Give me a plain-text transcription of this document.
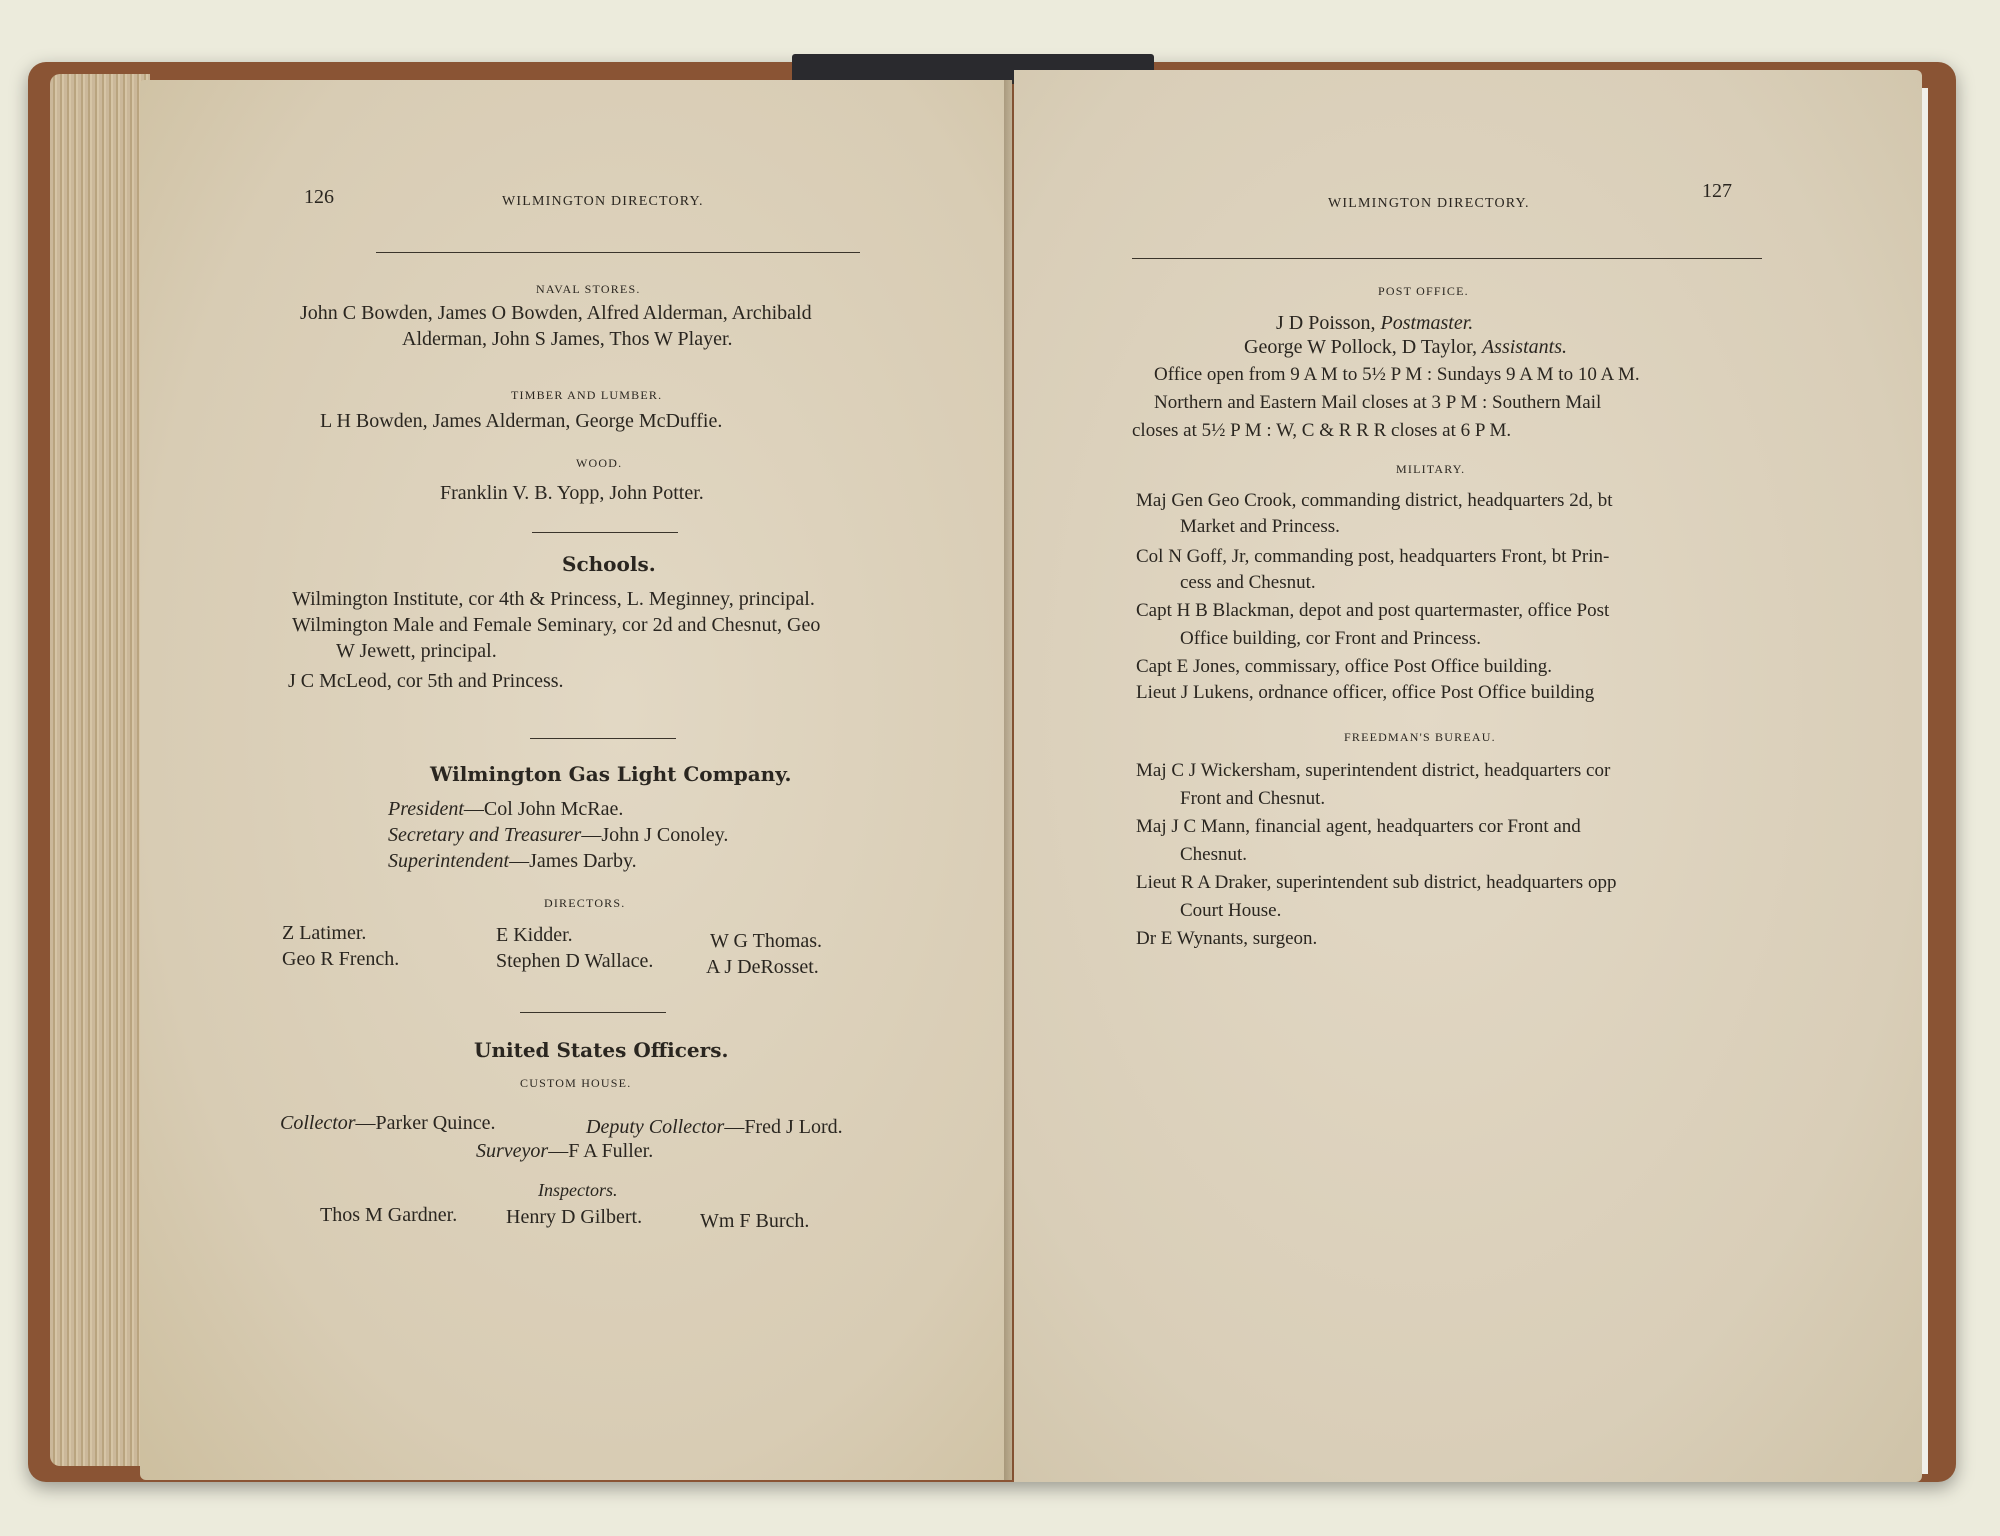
126	WILMINGTON DIRECTORY.
NAVAL STORES.
John C Bowden, James O Bowden, Alfred Alderman, Archibald
Alderman, John S James, Thos W Player.
TIMBER AND LUMBER.
L H Bowden, James Alderman, George McDuffie.
WOOD.
Franklin V. B. Yopp, John Potter.
Schools.
Wilmington Institute, cor 4th & Princess, L. Meginney, principal.
Wilmington Male and Female Seminary, cor 2d and Chesnut, Geo
W Jewett, principal.
J C McLeod, cor 5th and Princess.
Wilmington Gas Light Company.
President—Col John McRae.
Secretary and Treasurer—John J Conoley.
Superintendent—James Darby.
DIRECTORS.
Z Latimer.	E Kidder.	W G Thomas.
Geo R French.	Stephen D Wallace.	A J DeRosset.
United States Officers.
CUSTOM HOUSE.
Collector—Parker Quince.	Deputy Collector—Fred J Lord.
Surveyor—F A Fuller.
Inspectors.
Thos M Gardner. Henry D Gilbert.	Wm F Burch.
WILMINGTON DIRECTORY.
127
POST OFFICE.
J D Poisson, Postmaster.
George W Pollock, D Taylor, Assistants.
Office open from 9 A M to 5½ P M : Sundays 9 A M to 10 A M.
Northern and Eastern Mail closes at 3 P M : Southern Mail
closes at 5½ P M : W, C & R R R closes at 6 P M.
MILITARY.
Maj Gen Geo Crook, commanding district, headquarters 2d, bt
Market and Princess.
Col N Goff, Jr, commanding post, headquarters Front, bt Prin-
cess and Chesnut.
Capt H B Blackman, depot and post quartermaster, office Post
Office building, cor Front and Princess.
Capt E Jones, commissary, office Post Office building.
Lieut J Lukens, ordnance officer, office Post Office building
FREEDMAN'S BUREAU.
Maj C J Wickersham, superintendent district, headquarters cor
Front and Chesnut.
Maj J C Mann, financial agent, headquarters cor Front and
Chesnut.
Lieut R A Draker, superintendent sub district, headquarters opp
Court House.
Dr E Wynants, surgeon.
